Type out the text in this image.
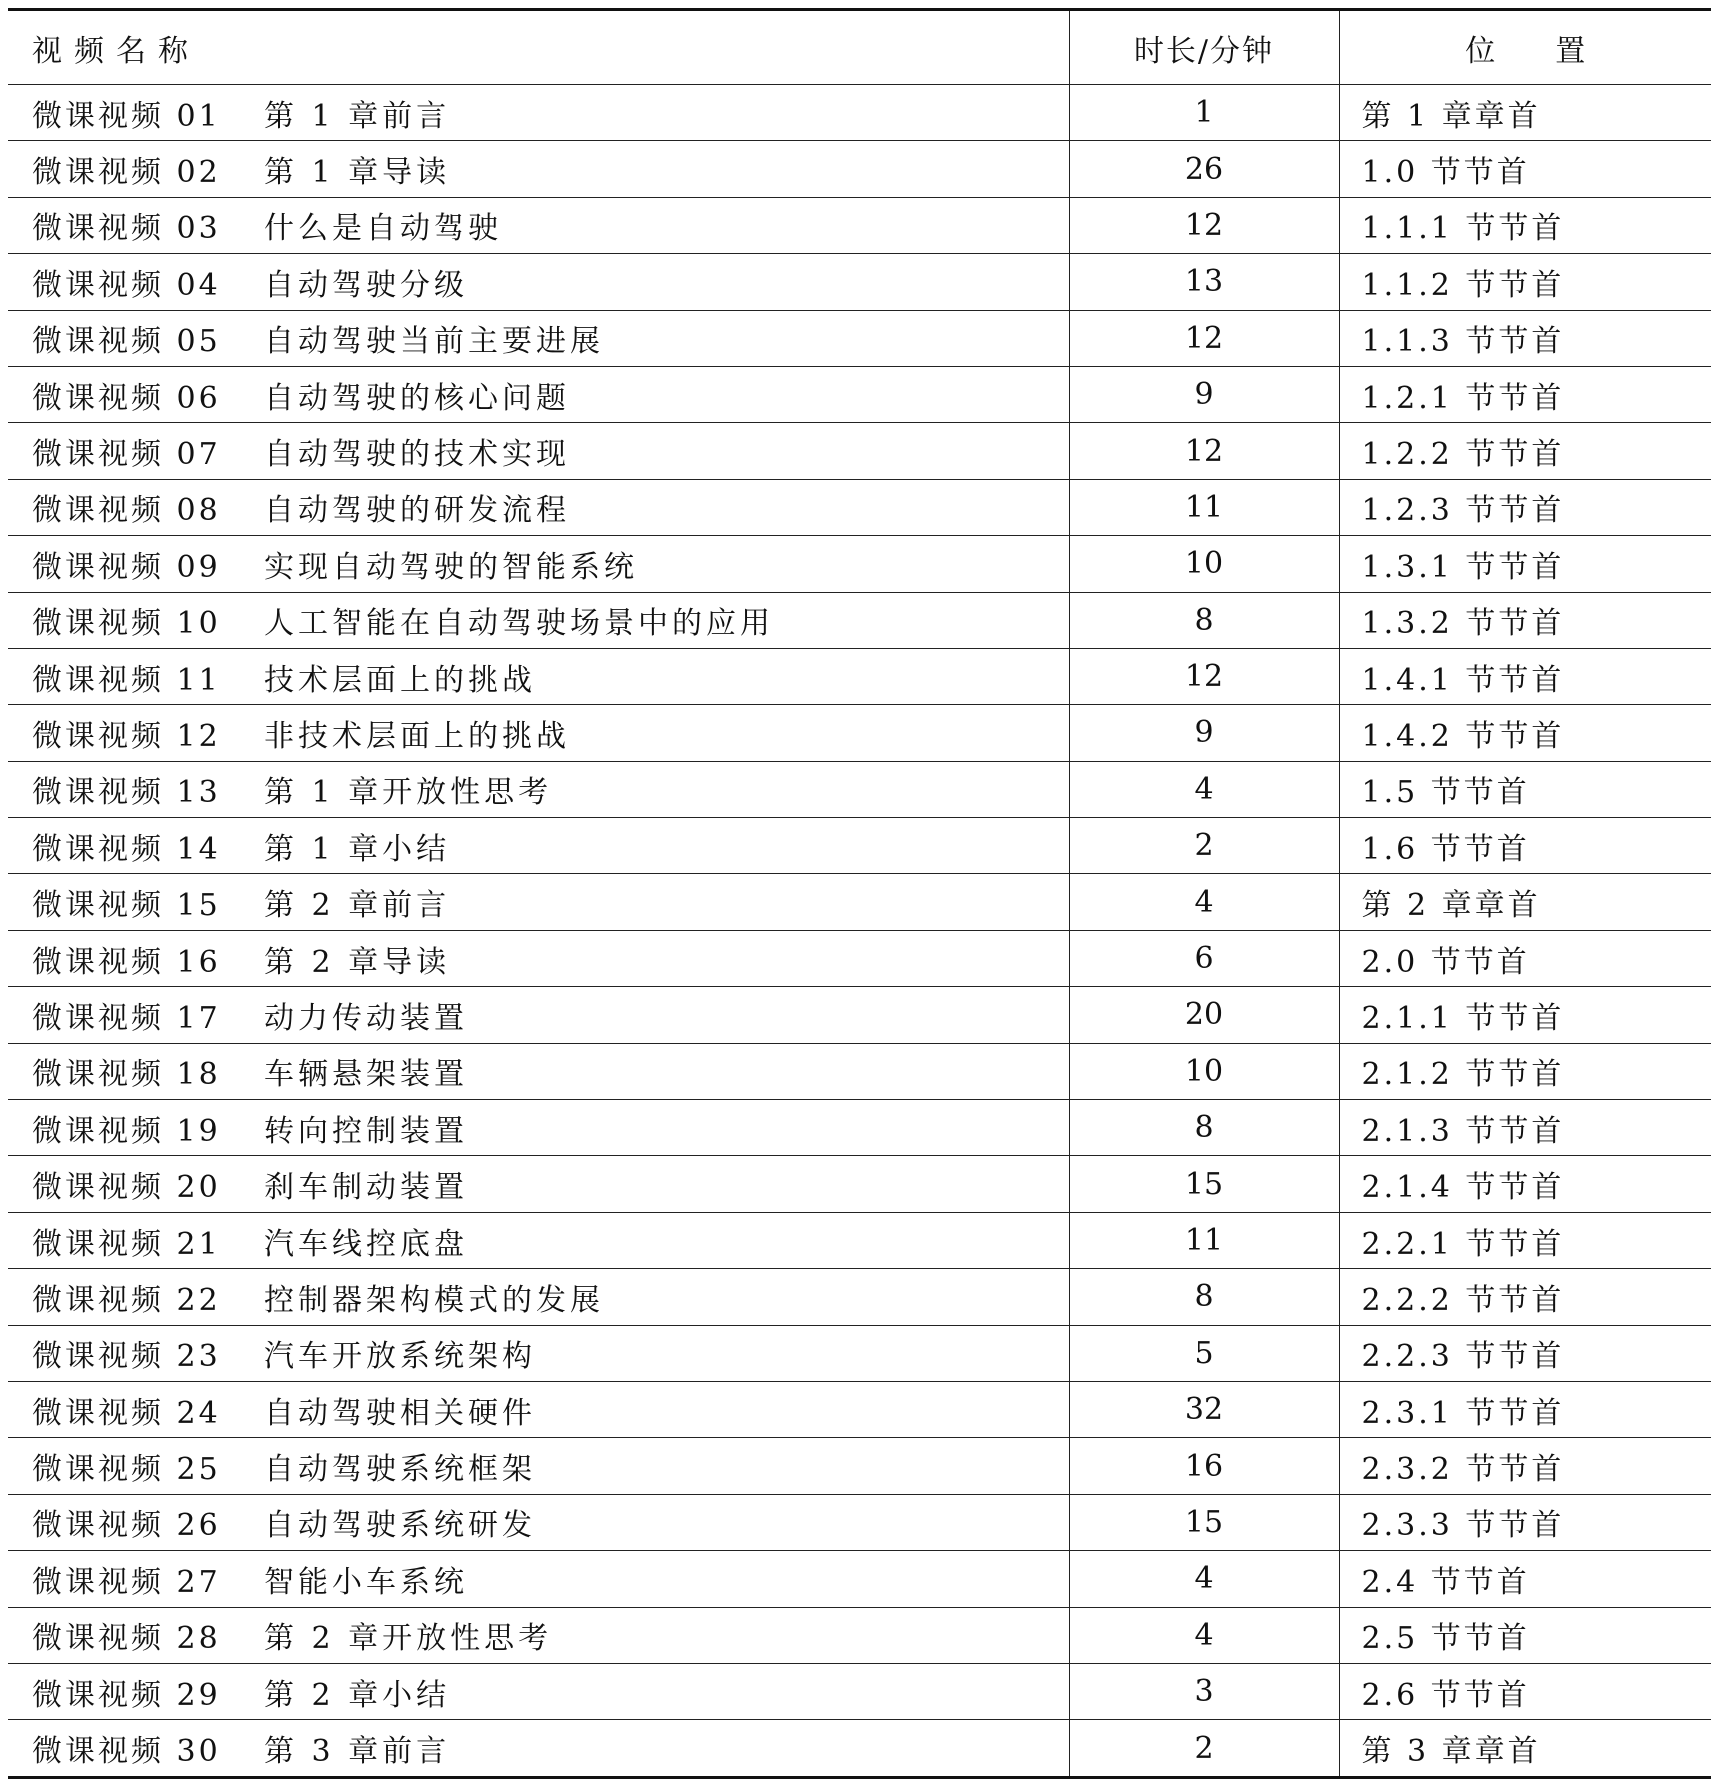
视频名称	时长/分钟	位置
微课视频 01 第 1 章前言	1	第 1 章章首
微课视频 02 第 1 章导读	26	1.0 节节首
微课视频 03 什么是自动驾驶	12	1.1.1 节节首
微课视频 04 自动驾驶分级	13	1.1.2 节节首
微课视频 05 自动驾驶当前主要进展	12	1.1.3 节节首
微课视频 06 自动驾驶的核心问题	9	1.2.1 节节首
微课视频 07 自动驾驶的技术实现	12	1.2.2 节节首
微课视频 08 自动驾驶的研发流程	11	1.2.3 节节首
微课视频 09 实现自动驾驶的智能系统	10	1.3.1 节节首
微课视频 10 人工智能在自动驾驶场景中的应用	8	1.3.2 节节首
微课视频 11 技术层面上的挑战	12	1.4.1 节节首
微课视频 12 非技术层面上的挑战	9	1.4.2 节节首
微课视频 13 第 1 章开放性思考	4	1.5 节节首
微课视频 14 第 1 章小结	2	1.6 节节首
微课视频 15 第 2 章前言	4	第 2 章章首
微课视频 16 第 2 章导读	6	2.0 节节首
微课视频 17 动力传动装置	20	2.1.1 节节首
微课视频 18 车辆悬架装置	10	2.1.2 节节首
微课视频 19 转向控制装置	8	2.1.3 节节首
微课视频 20 刹车制动装置	15	2.1.4 节节首
微课视频 21 汽车线控底盘	11	2.2.1 节节首
微课视频 22 控制器架构模式的发展	8	2.2.2 节节首
微课视频 23 汽车开放系统架构	5	2.2.3 节节首
微课视频 24 自动驾驶相关硬件	32	2.3.1 节节首
微课视频 25 自动驾驶系统框架	16	2.3.2 节节首
微课视频 26 自动驾驶系统研发	15	2.3.3 节节首
微课视频 27 智能小车系统	4	2.4 节节首
微课视频 28 第 2 章开放性思考	4	2.5 节节首
微课视频 29 第 2 章小结	3	2.6 节节首
微课视频 30 第 3 章前言	2	第 3 章章首
